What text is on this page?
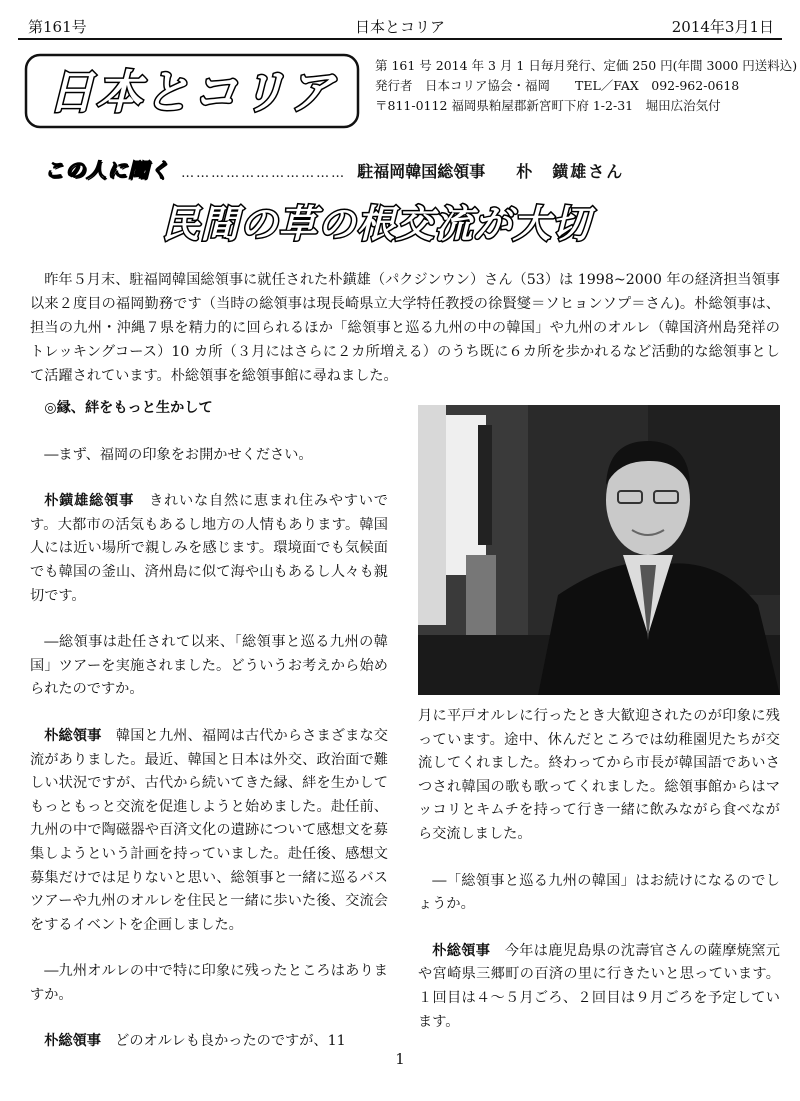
第161号	日本とコリア	2014年3月1日
日本とコリア	第 161 号 2014 年 3 月 1 日毎月発行、定価 250 円(年間 3000 円送料込)
発行者　日本コリア協会・福岡　　TEL／FAX　092-962-0618
〒811-0112 福岡県粕屋郡新宮町下府 1-2-31　堀田広治気付
この人に聞く …………………………… 駐福岡韓国総領事 朴　鐄雄さん
民間の草の根交流が大切

昨年５月末、駐福岡韓国総領事に就任された朴鐄雄（パクジンウン）さん（53）は 1998~2000 年の経済担当領事以来２度目の福岡勤務です（当時の総領事は現長崎県立大学特任教授の徐賢燮＝ソヒョンソプ＝さん)。朴総領事は、担当の九州・沖縄７県を精力的に回られるほか「総領事と巡る九州の中の韓国」や九州のオルレ（韓国済州島発祥のトレッキングコース）10 カ所（３月にはさらに２カ所増える）のうち既に６カ所を歩かれるなど活動的な総領事として活躍されています。朴総領事を総領事館に尋ねました。

◎縁、絆をもっと生かして

―まず、福岡の印象をお開かせください。

朴鐄雄総領事　 きれいな自然に恵まれ住みやすいです。大都市の活気もあるし地方の人情もあります。韓国人には近い場所で親しみを感じます。環境面でも気候面でも韓国の釜山、済州島に似て海や山もあるし人々も親切です。

―総領事は赴任されて以来、｢総領事と巡る九州の韓国」ツアーを実施されました。どういうお考えから始められたのですか。

朴総領事　 韓国と九州、福岡は古代からさまざまな交流がありました。最近、韓国と日本は外交、政治面で難しい状況ですが、古代から続いてきた縁、絆を生かしてもっともっと交流を促進しようと始めました。赴任前、九州の中で陶磁器や百済文化の遺跡について感想文を募集しようという計画を持っていました。赴任後、感想文募集だけでは足りないと思い、総領事と一緒に巡るバスツアーや九州のオルレを住民と一緒に歩いた後、交流会をするイベントを企画しました。

―九州オルレの中で特に印象に残ったところはありますか。

朴総領事　 どのオルレも良かったのですが、11

月に平戸オルレに行ったとき大歓迎されたのが印象に残っています。途中、休んだところでは幼稚園児たちが交流してくれました。終わってから市長が韓国語であいさつされ韓国の歌も歌ってくれました。総領事館からはマッコリとキムチを持って行き一緒に飲みながら食べながら交流しました。

―「総領事と巡る九州の韓国」はお続けになるのでしょうか。

朴総領事　 今年は鹿児島県の沈壽官さんの薩摩焼窯元や宮崎県三郷町の百済の里に行きたいと思っています。１回目は４～５月ごろ、２回目は９月ごろを予定しています。

1
